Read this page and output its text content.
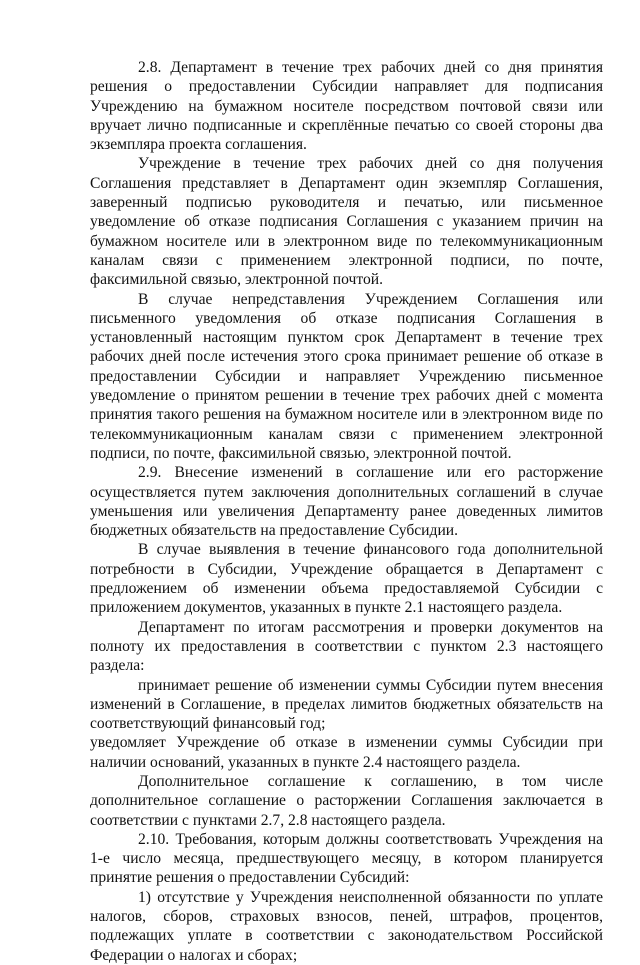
2.8. Департамент в течение трех рабочих дней со дня принятия решения о предоставлении Субсидии направляет для подписания Учреждению на бумажном носителе посредством почтовой связи или вручает лично подписанные и скреплённые печатью со своей стороны два экземпляра проекта соглашения.

Учреждение в течение трех рабочих дней со дня получения Соглашения представляет в Департамент один экземпляр Соглашения, заверенный подписью руководителя и печатью, или письменное уведомление об отказе подписания Соглашения с указанием причин на бумажном носителе или в электронном виде по телекоммуникационным каналам связи с применением электронной подписи, по почте, факсимильной связью, электронной почтой.

В случае непредставления Учреждением Соглашения или письменного уведомления об отказе подписания Соглашения в установленный настоящим пунктом срок Департамент в течение трех рабочих дней после истечения этого срока принимает решение об отказе в предоставлении Субсидии и направляет Учреждению письменное уведомление о принятом решении в течение трех рабочих дней с момента принятия такого решения на бумажном носителе или в электронном виде по телекоммуникационным каналам связи с применением электронной подписи, по почте, факсимильной связью, электронной почтой.

2.9. Внесение изменений в соглашение или его расторжение осуществляется путем заключения дополнительных соглашений в случае уменьшения или увеличения Департаменту ранее доведенных лимитов бюджетных обязательств на предоставление Субсидии.

В случае выявления в течение финансового года дополнительной потребности в Субсидии, Учреждение обращается в Департамент с предложением об изменении объема предоставляемой Субсидии с приложением документов, указанных в пункте 2.1 настоящего раздела.

Департамент по итогам рассмотрения и проверки документов на полноту их предоставления в соответствии с пунктом 2.3 настоящего раздела:

принимает решение об изменении суммы Субсидии путем внесения изменений в Соглашение, в пределах лимитов бюджетных обязательств на соответствующий финансовый год;

уведомляет Учреждение об отказе в изменении суммы Субсидии при наличии оснований, указанных в пункте 2.4 настоящего раздела.

Дополнительное соглашение к соглашению, в том числе дополнительное соглашение о расторжении Соглашения заключается в соответствии с пунктами 2.7, 2.8 настоящего раздела.

2.10. Требования, которым должны соответствовать Учреждения на 1-е число месяца, предшествующего месяцу, в котором планируется принятие решения о предоставлении Субсидий:

1) отсутствие у Учреждения неисполненной обязанности по уплате налогов, сборов, страховых взносов, пеней, штрафов, процентов, подлежащих уплате в соответствии с законодательством Российской Федерации о налогах и сборах;
